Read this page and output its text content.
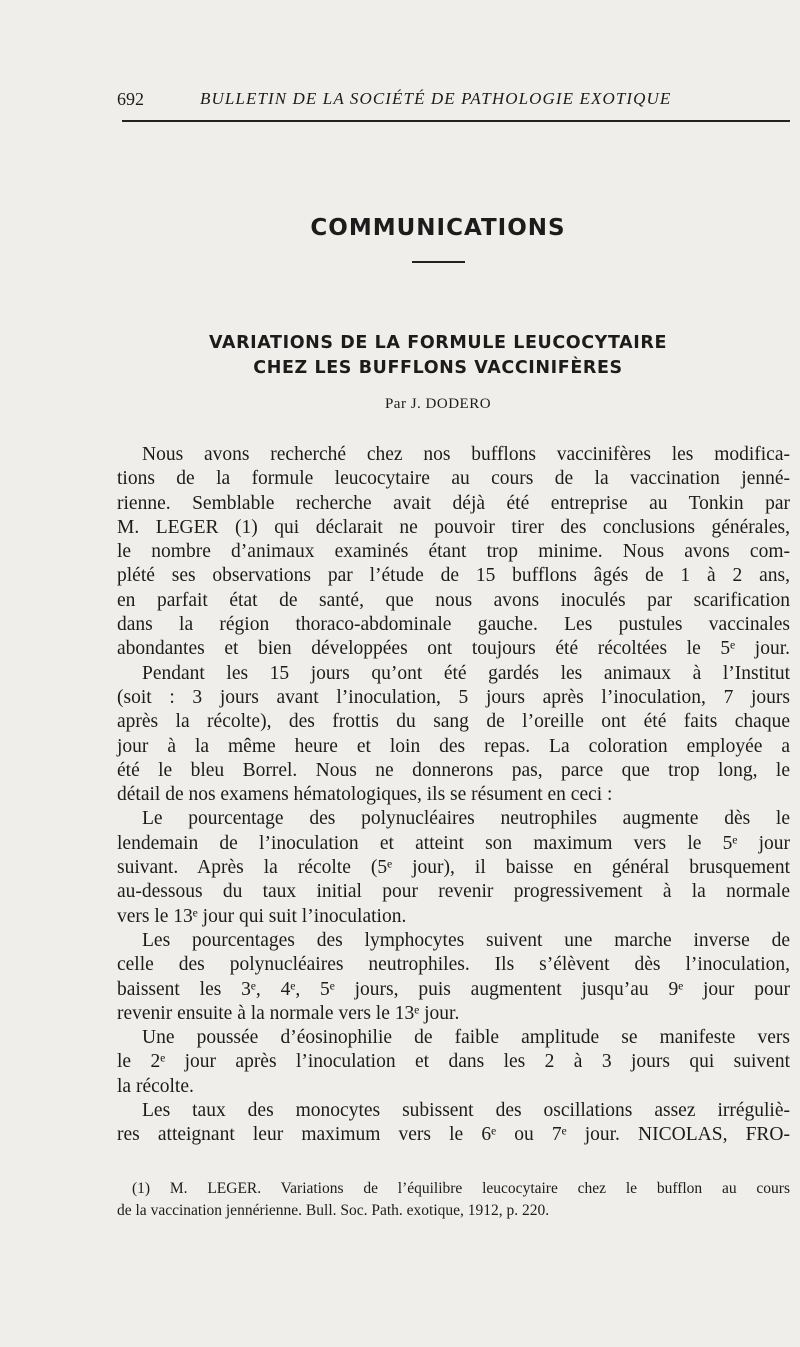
692	BULLETIN DE LA SOCIÉTÉ DE PATHOLOGIE EXOTIQUE
COMMUNICATIONS
VARIATIONS DE LA FORMULE LEUCOCYTAIRE
CHEZ LES BUFFLONS VACCINIFÈRES
Par J. DODERO
Nous avons recherché chez nos bufflons vaccinifères les modifica-
tions de la formule leucocytaire au cours de la vaccination jenné-
rienne. Semblable recherche avait déjà été entreprise au Tonkin par
M. LEGER (1) qui déclarait ne pouvoir tirer des conclusions générales,
le nombre d’animaux examinés étant trop minime. Nous avons com-
plété ses observations par l’étude de 15 bufflons âgés de 1 à 2 ans,
en parfait état de santé, que nous avons inoculés par scarification
dans la région thoraco-abdominale gauche. Les pustules vaccinales
abondantes et bien développées ont toujours été récoltées le 5ᵉ jour.
Pendant les 15 jours qu’ont été gardés les animaux à l’Institut
(soit : 3 jours avant l’inoculation, 5 jours après l’inoculation, 7 jours
après la récolte), des frottis du sang de l’oreille ont été faits chaque
jour à la même heure et loin des repas. La coloration employée a
été le bleu Borrel. Nous ne donnerons pas, parce que trop long, le
détail de nos examens hématologiques, ils se résument en ceci :
Le pourcentage des polynucléaires neutrophiles augmente dès le
lendemain de l’inoculation et atteint son maximum vers le 5ᵉ jour
suivant. Après la récolte (5ᵉ jour), il baisse en général brusquement
au-dessous du taux initial pour revenir progressivement à la normale
vers le 13ᵉ jour qui suit l’inoculation.
Les pourcentages des lymphocytes suivent une marche inverse de
celle des polynucléaires neutrophiles. Ils s’élèvent dès l’inoculation,
baissent les 3ᵉ, 4ᵉ, 5ᵉ jours, puis augmentent jusqu’au 9ᵉ jour pour
revenir ensuite à la normale vers le 13ᵉ jour.
Une poussée d’éosinophilie de faible amplitude se manifeste vers
le 2ᵉ jour après l’inoculation et dans les 2 à 3 jours qui suivent
la récolte.
Les taux des monocytes subissent des oscillations assez irréguliè-
res atteignant leur maximum vers le 6ᵉ ou 7ᵉ jour. NICOLAS, FRO-
(1) M. LEGER. Variations de l’équilibre leucocytaire chez le bufflon au cours
de la vaccination jennérienne. Bull. Soc. Path. exotique, 1912, p. 220.
